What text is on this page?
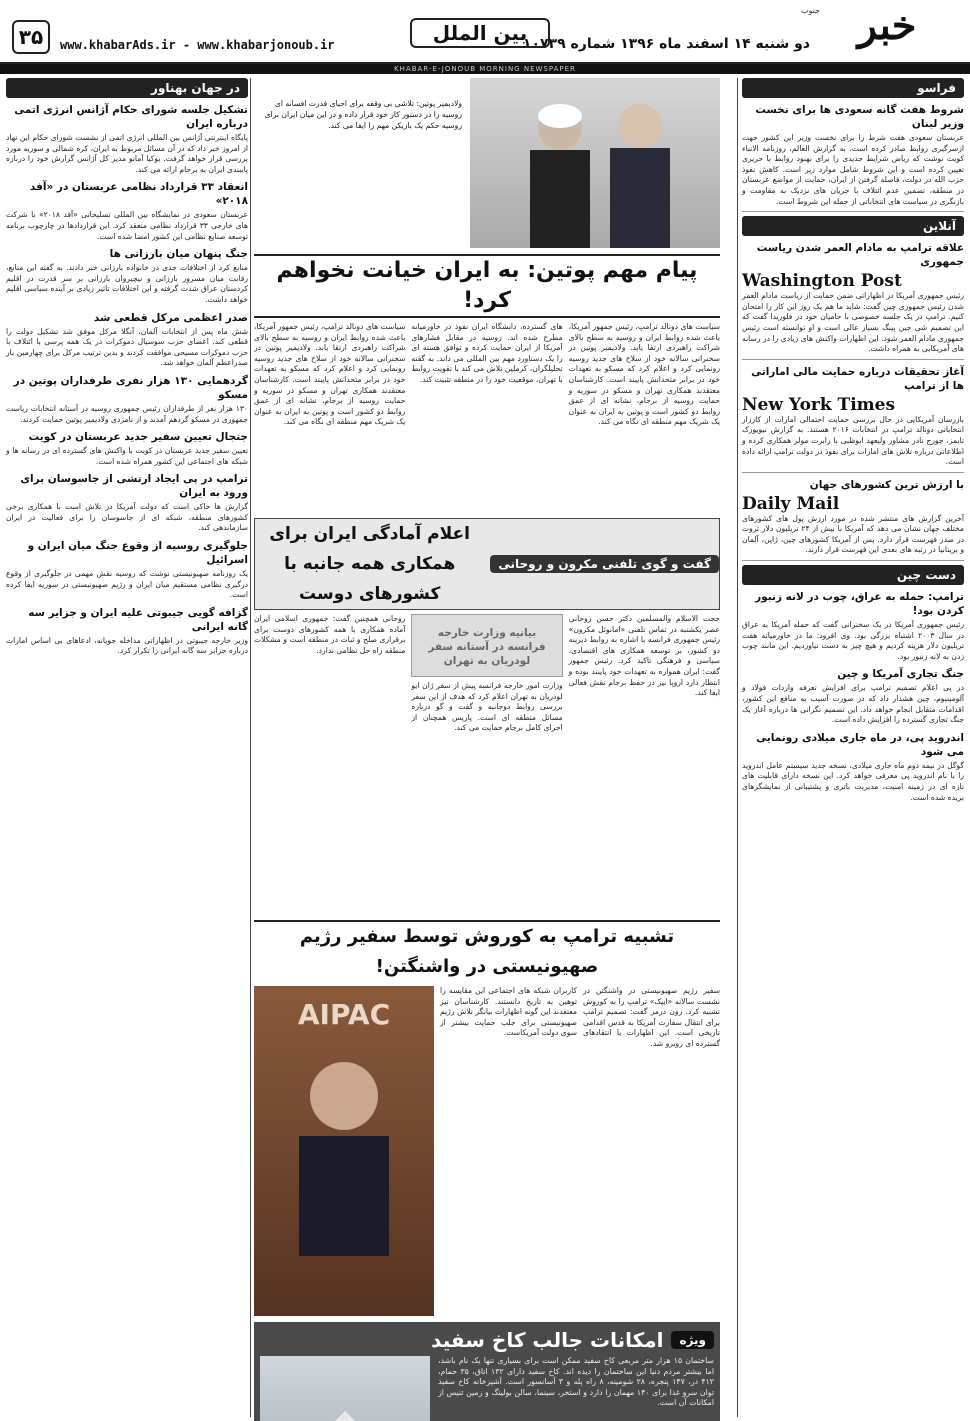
خبر
جنوب
دو شنبه ۱۴ اسفند ماه ۱۳۹۶ شماره ۱۰۷۳۹
بین الملل
www.khabarAds.ir - www.khabarjonoub.ir
۳۵
KHABAR-E-JONOUB MORNING NEWSPAPER
فراسو
شروط هفت گانه سعودی ها برای نخست وزیر لبنان
عربستان سعودی هفت شرط را برای نخست وزیر این کشور جهت ازسرگیری روابط صادر کرده است. به گزارش العالم، روزنامه الانباء کویت نوشت که ریاض شرایط جدیدی را برای بهبود روابط با حریری تعیین کرده است و این شروط شامل موارد زیر است. کاهش نفوذ حزب الله در دولت، فاصله گرفتن از ایران، حمایت از مواضع عربستان در منطقه، تضمین عدم ائتلاف با جریان های نزدیک به مقاومت و بازنگری در سیاست های انتخاباتی از جمله این شروط است.
آنلاین
علاقه ترامپ به مادام العمر شدن ریاست جمهوری
Washington Post
رئیس جمهوری آمریکا در اظهاراتی ضمن حمایت از ریاست مادام العمر شدن رئیس جمهوری چین گفت: شاید ما هم یک روز این کار را امتحان کنیم. ترامپ در یک جلسه خصوصی با حامیان خود در فلوریدا گفت که این تصمیم شی جین پینگ بسیار عالی است و او توانسته است رئیس جمهوری مادام العمر شود. این اظهارات واکنش های زیادی را در رسانه های آمریکایی به همراه داشت.
آغاز تحقیقات درباره حمایت مالی اماراتی ها از ترامپ
New York Times
بازرسان آمریکایی در حال بررسی حمایت احتمالی امارات از کارزار انتخاباتی دونالد ترامپ در انتخابات ۲۰۱۶ هستند. به گزارش نیویورک تایمز، جورج نادر مشاور ولیعهد ابوظبی با رابرت مولر همکاری کرده و اطلاعاتی درباره تلاش های امارات برای نفوذ در دولت ترامپ ارائه داده است.
با ارزش ترین کشورهای جهان
Daily Mail
آخرین گزارش های منتشر شده در مورد ارزش پول های کشورهای مختلف جهان نشان می دهد که آمریکا با بیش از ۲۴ تریلیون دلار ثروت در صدر فهرست قرار دارد. پس از آمریکا کشورهای چین، ژاپن، آلمان و بریتانیا در رتبه های بعدی این فهرست قرار دارند.
دست چین
ترامپ: حمله به عراق، چوب در لانه زنبور کردن بود!
رئیس جمهوری آمریکا در یک سخنرانی گفت که حمله آمریکا به عراق در سال ۲۰۰۳ اشتباه بزرگی بود. وی افزود: ما در خاورمیانه هفت تریلیون دلار هزینه کردیم و هیچ چیز به دست نیاوردیم. این مانند چوب زدن به لانه زنبور بود.
جنگ تجاری آمریکا و چین
در پی اعلام تصمیم ترامپ برای افزایش تعرفه واردات فولاد و آلومینیوم، چین هشدار داد که در صورت آسیب به منافع این کشور، اقدامات متقابل انجام خواهد داد. این تصمیم نگرانی ها درباره آغاز یک جنگ تجاری گسترده را افزایش داده است.
اندروید پی، در ماه جاری میلادی رونمایی می شود
گوگل در نیمه دوم ماه جاری میلادی، نسخه جدید سیستم عامل اندروید را با نام اندروید پی معرفی خواهد کرد. این نسخه دارای قابلیت های تازه ای در زمینه امنیت، مدیریت باتری و پشتیبانی از نمایشگرهای بریده شده است.
در جهان بهناور
تشکیل جلسه شورای حکام آژانس انرژی اتمی درباره ایران
پایگاه اینترنتی آژانس بین المللی انرژی اتمی از نشست شورای حکام این نهاد از امروز خبر داد که در آن مسائل مربوط به ایران، کره شمالی و سوریه مورد بررسی قرار خواهد گرفت. یوکیا آمانو مدیر کل آژانس گزارش خود را درباره پایبندی ایران به برجام ارائه می کند.
انعقاد ۳۳ قرارداد نظامی عربستان در «آفد ۲۰۱۸»
عربستان سعودی در نمایشگاه بین المللی تسلیحاتی «آفد ۲۰۱۸» با شرکت های خارجی ۳۳ قرارداد نظامی منعقد کرد. این قراردادها در چارچوب برنامه توسعه صنایع نظامی این کشور امضا شده است.
جنگ پنهان میان بارزانی ها
منابع کرد از اختلافات جدی در خانواده بارزانی خبر دادند. به گفته این منابع، رقابت میان مسرور بارزانی و نیچیروان بارزانی بر سر قدرت در اقلیم کردستان عراق شدت گرفته و این اختلافات تاثیر زیادی بر آینده سیاسی اقلیم خواهد داشت.
صدر اعظمی مرکل قطعی شد
شش ماه پس از انتخابات آلمان، آنگلا مرکل موفق شد تشکیل دولت را قطعی کند. اعضای حزب سوسیال دموکرات در یک همه پرسی با ائتلاف با حزب دموکرات مسیحی موافقت کردند و بدین ترتیب مرکل برای چهارمین بار صدراعظم آلمان خواهد شد.
گردهمایی ۱۳۰ هزار نفری طرفداران پوتین در مسکو
۱۳۰ هزار نفر از طرفداران رئیس جمهوری روسیه در آستانه انتخابات ریاست جمهوری در مسکو گردهم آمدند و از نامزدی ولادیمیر پوتین حمایت کردند.
جنجال تعیین سفیر جدید عربستان در کویت
تعیین سفیر جدید عربستان در کویت با واکنش های گسترده ای در رسانه ها و شبکه های اجتماعی این کشور همراه شده است.
ترامپ در پی ایجاد ارتشی از جاسوسان برای ورود به ایران
گزارش ها حاکی است که دولت آمریکا در تلاش است با همکاری برخی کشورهای منطقه، شبکه ای از جاسوسان را برای فعالیت در ایران سازماندهی کند.
جلوگیری روسیه از وقوع جنگ میان ایران و اسرائیل
یک روزنامه صهیونیستی نوشت که روسیه نقش مهمی در جلوگیری از وقوع درگیری نظامی مستقیم میان ایران و رژیم صهیونیستی در سوریه ایفا کرده است.
گزافه گویی جیبوتی علیه ایران و جزایر سه گانه ایرانی
وزیر خارجه جیبوتی در اظهاراتی مداخله جویانه، ادعاهای بی اساس امارات درباره جزایر سه گانه ایرانی را تکرار کرد.
ولادیمیر پوتین: تلاشی بی وقفه برای احیای قدرت افسانه ای روسیه را در دستور کار خود قرار داده و در این میان ایران برای روسیه حکم یک بازیکن مهم را ایفا می کند.
پیام مهم پوتین: به ایران خیانت نخواهم کرد!
سیاست های دونالد ترامپ، رئیس جمهور آمریکا، باعث شده روابط ایران و روسیه به سطح بالای شراکت راهبردی ارتقا یابد. ولادیمیر پوتین در سخنرانی سالانه خود از سلاح های جدید روسیه رونمایی کرد و اعلام کرد که مسکو به تعهدات خود در برابر متحدانش پایبند است. کارشناسان معتقدند همکاری تهران و مسکو در سوریه و حمایت روسیه از برجام، نشانه ای از عمق روابط دو کشور است و پوتین به ایران به عنوان یک شریک مهم منطقه ای نگاه می کند.
های گسترده، دانشگاه ایران نفوذ در خاورمیانه مطرح شده اند. روسیه در مقابل فشارهای آمریکا از ایران حمایت کرده و توافق هسته ای را یک دستاورد مهم بین المللی می داند. به گفته تحلیلگران، کرملین تلاش می کند با تقویت روابط با تهران، موقعیت خود را در منطقه تثبیت کند.
سیاست های دونالد ترامپ، رئیس جمهور آمریکا، باعث شده روابط ایران و روسیه به سطح بالای شراکت راهبردی ارتقا یابد. ولادیمیر پوتین در سخنرانی سالانه خود از سلاح های جدید روسیه رونمایی کرد و اعلام کرد که مسکو به تعهدات خود در برابر متحدانش پایبند است. کارشناسان معتقدند همکاری تهران و مسکو در سوریه و حمایت روسیه از برجام، نشانه ای از عمق روابط دو کشور است و پوتین به ایران به عنوان یک شریک مهم منطقه ای نگاه می کند.
گفت و گوی تلفنی مکرون و روحانی
اعلام آمادگی ایران برای همکاری همه جانبه با کشورهای دوست
حجت الاسلام والمسلمین دکتر حسن روحانی عصر یکشنبه در تماس تلفنی «امانوئل مکرون» رئیس جمهوری فرانسه با اشاره به روابط دیرینه دو کشور، بر توسعه همکاری های اقتصادی، سیاسی و فرهنگی تاکید کرد. رئیس جمهور گفت: ایران همواره به تعهدات خود پایبند بوده و انتظار دارد اروپا نیز در حفظ برجام نقش فعالی ایفا کند.
بیانیه وزارت خارجه فرانسه در آستانه سفر لودریان به تهران
وزارت امور خارجه فرانسه پیش از سفر ژان ایو لودریان به تهران اعلام کرد که هدف از این سفر بررسی روابط دوجانبه و گفت و گو درباره مسائل منطقه ای است. پاریس همچنان از اجرای کامل برجام حمایت می کند.
روحانی همچنین گفت: جمهوری اسلامی ایران آماده همکاری با همه کشورهای دوست برای برقراری صلح و ثبات در منطقه است و مشکلات منطقه راه حل نظامی ندارد.
تشبیه ترامپ به کوروش توسط سفیر رژیم صهیونیستی در واشنگتن!
سفیر رژیم صهیونیستی در واشنگتن در نشست سالانه «ایپک» ترامپ را به کوروش تشبیه کرد. رون درمر گفت: تصمیم ترامپ برای انتقال سفارت آمریکا به قدس اقدامی تاریخی است. این اظهارات با انتقادهای گسترده ای روبرو شد.
کاربران شبکه های اجتماعی این مقایسه را توهین به تاریخ دانستند. کارشناسان نیز معتقدند این گونه اظهارات بیانگر تلاش رژیم صهیونیستی برای جلب حمایت بیشتر از سوی دولت آمریکاست.
AIPAC
ویژه
امکانات جالب کاخ سفید
ساختمان ۱۵ هزار متر مربعی کاخ سفید ممکن است برای بسیاری تنها یک نام باشد، اما بیشتر مردم دنیا این ساختمان را دیده اند. کاخ سفید دارای ۱۳۲ اتاق، ۳۵ حمام، ۴۱۲ در، ۱۴۷ پنجره، ۲۸ شومینه، ۸ راه پله و ۳ آسانسور است. آشپزخانه کاخ سفید توان سرو غذا برای ۱۴۰ مهمان را دارد و استخر، سینما، سالن بولینگ و زمین تنیس از امکانات آن است.
